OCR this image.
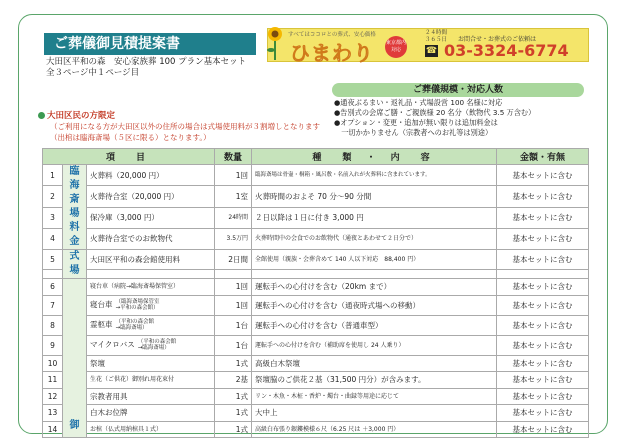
ご葬儀御見積提案書
大田区平和の森　安心家族葬 100 プラン基本セット
全３ページ中１ページ目
すべてはココロとの葬式、安心価格
ひまわり 東京都内対応
２４時間
３６５日 お問合せ・お葬式のご依頼は
☎ 03-3324-6774
ご葬儀規模・対応人数
●通夜ぶるまい・返礼品・式場設営 100 名様に対応
●告別式の会席ご膳・ご親族様 20 名分（飲物代 3.5 万含む）
●オプション・変更・追加が無い限りは追加料金は
　一切かかりません（宗教者へのお礼等は別途）
大田区民の方限定
（ご利用になる方が大田区以外の住所の場合は式場使用料が３割増しとなります
（出棺は臨海斎場（５区に限る）となります。）
項　目			数量	種　類 ・ 内　容	金額・有無
1	臨海斎場料金	火葬料（20,000 円）	1回	臨海斎場は骨壷・桐箱・風呂敷・名前入れが火葬料に含まれています。	基本セットに含む
2		火葬待合室（20,000 円）	1室	火葬時間のおよそ 70 分～90 分間	基本セットに含む
3		保冷庫（3,000 円）	24時間	２日以降は１日に付き 3,000 円	基本セットに含む
4		火葬待合室でのお飲物代	3.5万円	火葬時間中の会食でのお飲物代（通夜とあわせて２日分で）	基本セットに含む
5	式場	大田区平和の森会館使用料	2日間	全館使用（親族・会葬含めて 140 人以下対応　88,400 円）	基本セットに含む

6	御	寝台車（病院→臨海斎場保管室）	1回	運転手への心付けを含む（20km まで）	基本セットに含む
7		寝台車 （臨海斎場保管室
→平和の森会館）	1回	運転手への心付けを含む（通夜時式場への移動）	基本セットに含む
8		霊柩車 （平和の森会館
→臨海斎場）	1台	運転手への心付けを含む（普通車型）	基本セットに含む
9		マイクロバス （平和の森会館
→臨海斎場）	1台	運転手への心付けを含む（補助席を使用し 24 人乗り）	基本セットに含む
10		祭壇	1式	高級白木祭壇	基本セットに含む
11		生花（ご供花）御別れ用花束付	2基	祭壇脇のご供花２基（31,500 円分）が含みます。	基本セットに含む
12		宗教者用具	1式	リン・木魚・木柾・香炉・燭台・曲録等用途に応じて	基本セットに含む
13		白木お位牌	1式	大中上	基本セットに含む
14		お棺（仏式用納棺具１式）	1式	高級白布張り銀鏤模様６尺（6.25 尺は ＋3,000 円）	基本セットに含む
